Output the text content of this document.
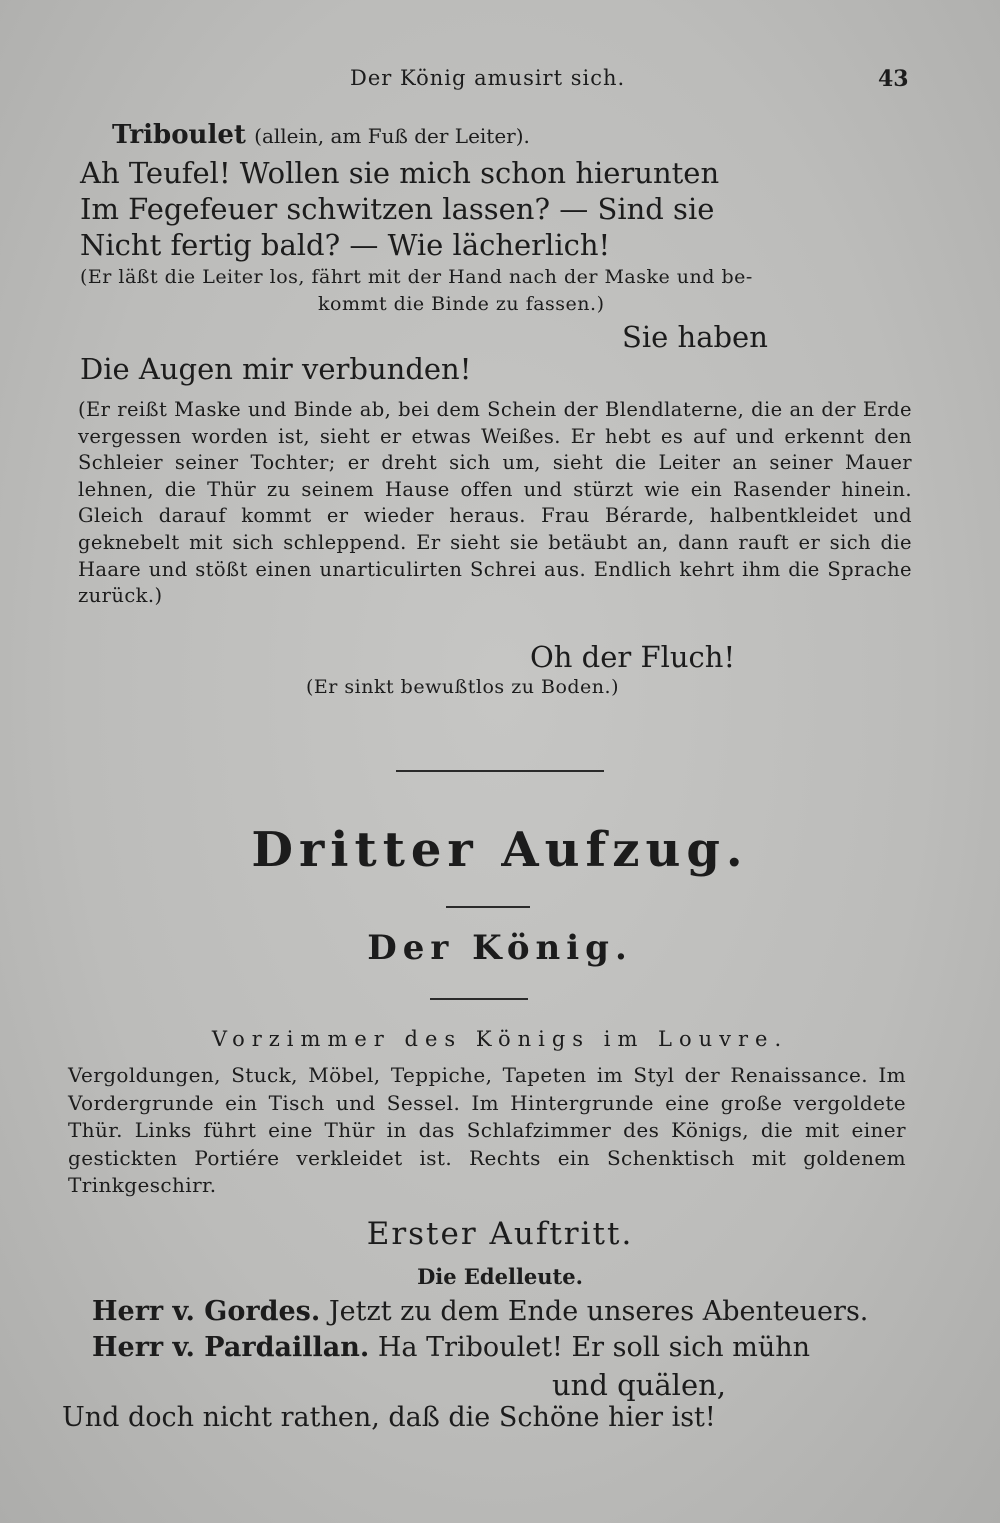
Der König amusirt sich.	43
Triboulet (allein, am Fuß der Leiter).
Ah Teufel! Wollen sie mich schon hierunten
Im Fegefeuer schwitzen lassen? — Sind sie
Nicht fertig bald? — Wie lächerlich!
(Er läßt die Leiter los, fährt mit der Hand nach der Maske und be-
kommt die Binde zu fassen.)
Sie haben
Die Augen mir verbunden!
(Er reißt Maske und Binde ab, bei dem Schein der Blendlaterne, die an der Erde vergessen worden ist, sieht er etwas Weißes. Er hebt es auf und erkennt den Schleier seiner Tochter; er dreht sich um, sieht die Leiter an seiner Mauer lehnen, die Thür zu seinem Hause offen und stürzt wie ein Rasender hinein. Gleich darauf kommt er wieder heraus. Frau Bérarde, halbentkleidet und geknebelt mit sich schleppend. Er sieht sie betäubt an, dann rauft er sich die Haare und stößt einen unarticulirten Schrei aus. Endlich kehrt ihm die Sprache zurück.)
Oh der Fluch!
(Er sinkt bewußtlos zu Boden.)
Dritter Aufzug.
Der König.
Vorzimmer des Königs im Louvre.
Vergoldungen, Stuck, Möbel, Teppiche, Tapeten im Styl der Renaissance. Im Vordergrunde ein Tisch und Sessel. Im Hintergrunde eine große vergoldete Thür. Links führt eine Thür in das Schlafzimmer des Königs, die mit einer gestickten Portiére verkleidet ist. Rechts ein Schenktisch mit goldenem Trinkgeschirr.
Erster Auftritt.
Die Edelleute.
Herr v. Gordes. Jetzt zu dem Ende unseres Abenteuers.
Herr v. Pardaillan. Ha Triboulet! Er soll sich mühn
und quälen,
Und doch nicht rathen, daß die Schöne hier ist!
